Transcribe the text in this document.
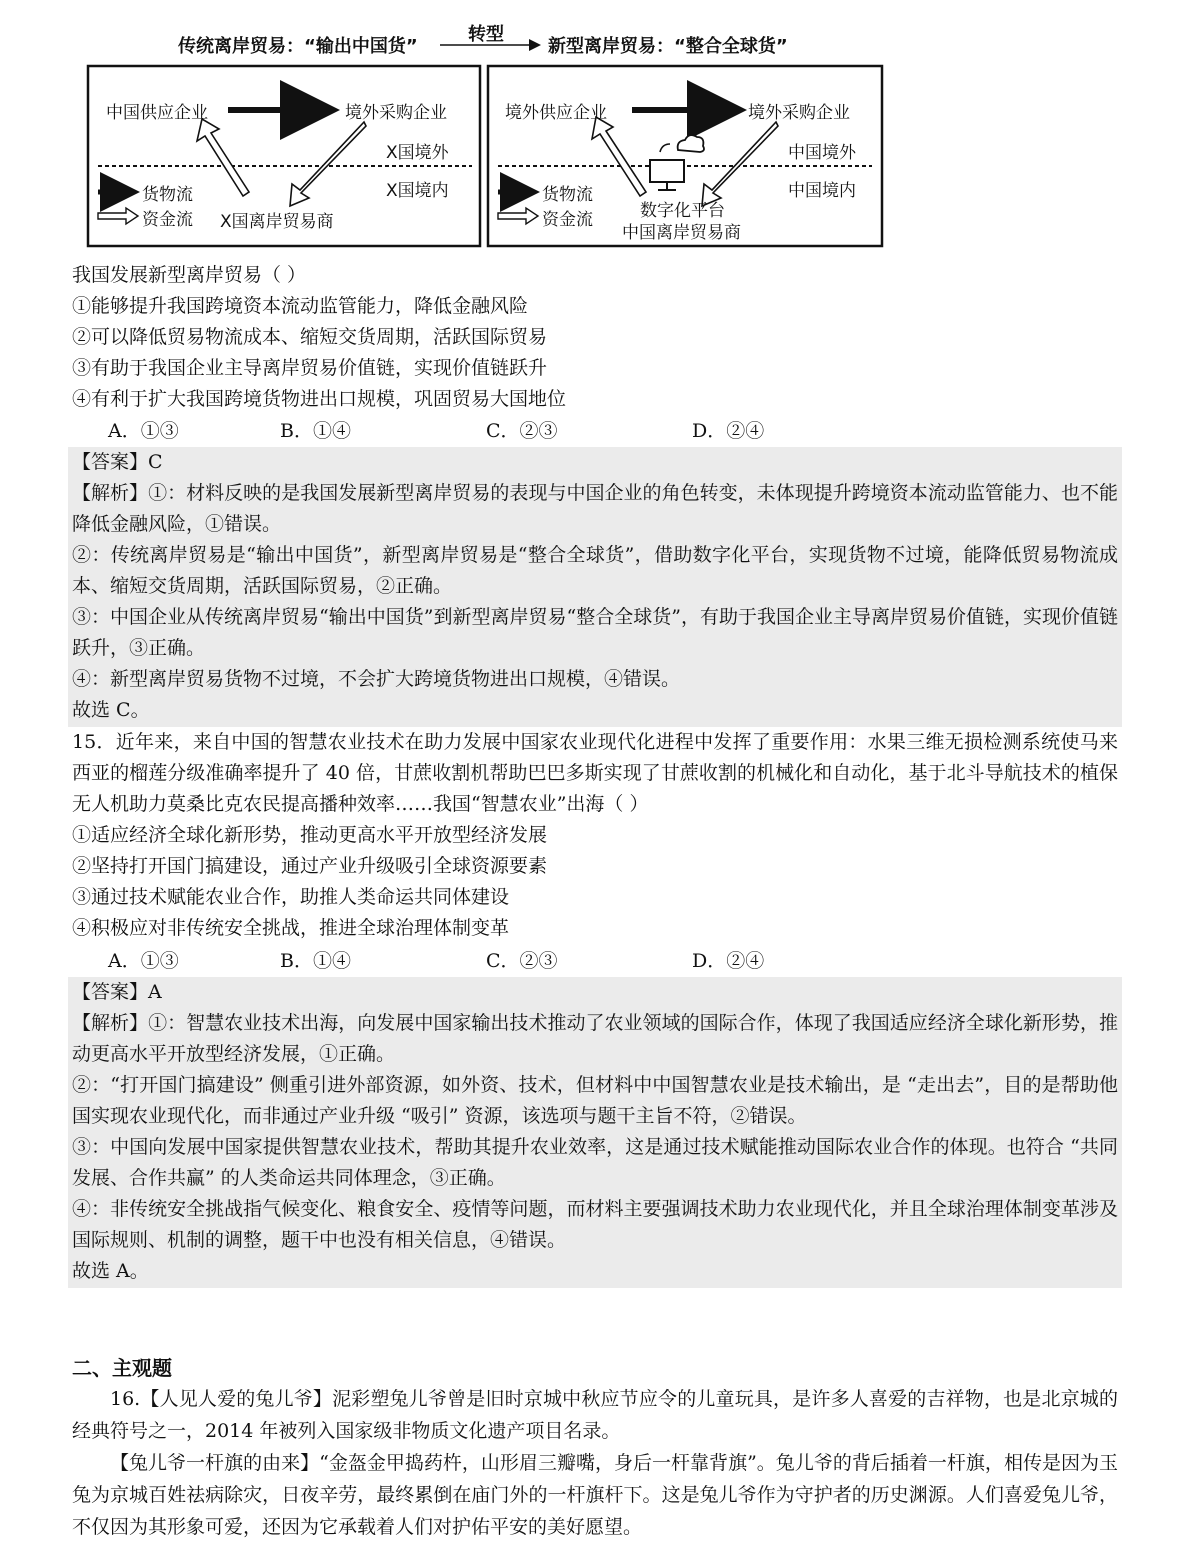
传统离岸贸易：“输出中国货”
转型
新型离岸贸易：“整合全球货”
中国供应企业	境外采购企业
X国境外
X国境内
货物流
资金流 X国离岸贸易商
境外供应企业	境外采购企业
中国境外
中国境内
货物流
资金流	数字化平台
中国离岸贸易商
我国发展新型离岸贸易（ ）
①能够提升我国跨境资本流动监管能力，降低金融风险
②可以降低贸易物流成本、缩短交货周期，活跃国际贸易
③有助于我国企业主导离岸贸易价值链，实现价值链跃升
④有利于扩大我国跨境货物进出口规模，巩固贸易大国地位
A．①③	B．①④	C．②③	D．②④
【答案】C
【解析】①：材料反映的是我国发展新型离岸贸易的表现与中国企业的角色转变，未体现提升跨境资本流动监管能力、也不能降低金融风险，①错误。
②：传统离岸贸易是“输出中国货”，新型离岸贸易是“整合全球货”，借助数字化平台，实现货物不过境，能降低贸易物流成本、缩短交货周期，活跃国际贸易，②正确。
③：中国企业从传统离岸贸易“输出中国货”到新型离岸贸易“整合全球货”，有助于我国企业主导离岸贸易价值链，实现价值链跃升，③正确。
④：新型离岸贸易货物不过境，不会扩大跨境货物进出口规模，④错误。
故选 C。
15．近年来，来自中国的智慧农业技术在助力发展中国家农业现代化进程中发挥了重要作用：水果三维无损检测系统使马来西亚的榴莲分级准确率提升了 40 倍，甘蔗收割机帮助巴巴多斯实现了甘蔗收割的机械化和自动化，基于北斗导航技术的植保无人机助力莫桑比克农民提高播种效率……我国“智慧农业”出海（ ）
①适应经济全球化新形势，推动更高水平开放型经济发展
②坚持打开国门搞建设，通过产业升级吸引全球资源要素
③通过技术赋能农业合作，助推人类命运共同体建设
④积极应对非传统安全挑战，推进全球治理体制变革
A．①③	B．①④	C．②③	D．②④
【答案】A
【解析】①：智慧农业技术出海，向发展中国家输出技术推动了农业领域的国际合作，体现了我国适应经济全球化新形势，推动更高水平开放型经济发展，①正确。
②：“打开国门搞建设” 侧重引进外部资源，如外资、技术，但材料中中国智慧农业是技术输出，是 “走出去”，目的是帮助他国实现农业现代化，而非通过产业升级 “吸引” 资源，该选项与题干主旨不符，②错误。
③：中国向发展中国家提供智慧农业技术，帮助其提升农业效率，这是通过技术赋能推动国际农业合作的体现。也符合 “共同发展、合作共赢” 的人类命运共同体理念，③正确。
④：非传统安全挑战指气候变化、粮食安全、疫情等问题，而材料主要强调技术助力农业现代化，并且全球治理体制变革涉及国际规则、机制的调整，题干中也没有相关信息，④错误。
故选 A。
二、主观题
16.【人见人爱的兔儿爷】泥彩塑兔儿爷曾是旧时京城中秋应节应令的儿童玩具，是许多人喜爱的吉祥物，也是北京城的经典符号之一，2014 年被列入国家级非物质文化遗产项目名录。
【兔儿爷一杆旗的由来】“金盔金甲捣药杵，山形眉三瓣嘴，身后一杆靠背旗”。兔儿爷的背后插着一杆旗，相传是因为玉兔为京城百姓祛病除灾，日夜辛劳，最终累倒在庙门外的一杆旗杆下。这是兔儿爷作为守护者的历史渊源。人们喜爱兔儿爷，不仅因为其形象可爱，还因为它承载着人们对护佑平安的美好愿望。
